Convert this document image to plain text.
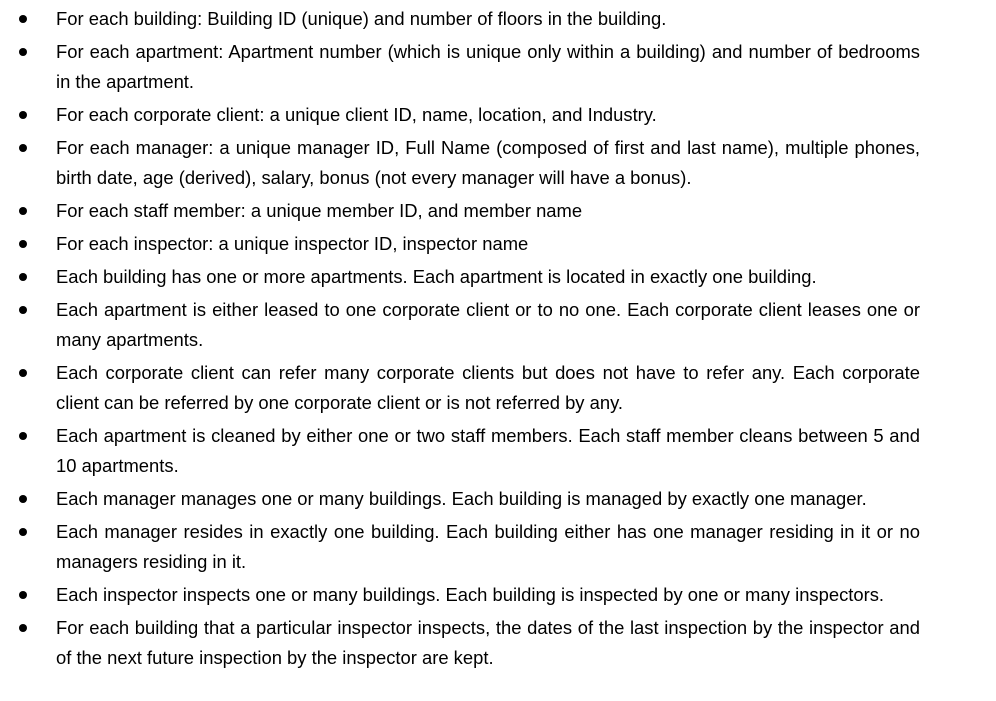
For each building: Building ID (unique) and number of floors in the building.
For each apartment: Apartment number (which is unique only within a building) and number of bedrooms in the apartment.
For each corporate client: a unique client ID, name, location, and Industry.
For each manager: a unique manager ID, Full Name (composed of first and last name), multiple phones, birth date, age (derived), salary, bonus (not every manager will have a bonus).
For each staff member: a unique member ID, and member name
For each inspector: a unique inspector ID, inspector name
Each building has one or more apartments. Each apartment is located in exactly one building.
Each apartment is either leased to one corporate client or to no one. Each corporate client leases one or many apartments.
Each corporate client can refer many corporate clients but does not have to refer any. Each corporate client can be referred by one corporate client or is not referred by any.
Each apartment is cleaned by either one or two staff members. Each staff member cleans between 5 and 10 apartments.
Each manager manages one or many buildings. Each building is managed by exactly one manager.
Each manager resides in exactly one building. Each building either has one manager residing in it or no managers residing in it.
Each inspector inspects one or many buildings. Each building is inspected by one or many inspectors.
For each building that a particular inspector inspects, the dates of the last inspection by the inspector and of the next future inspection by the inspector are kept.
